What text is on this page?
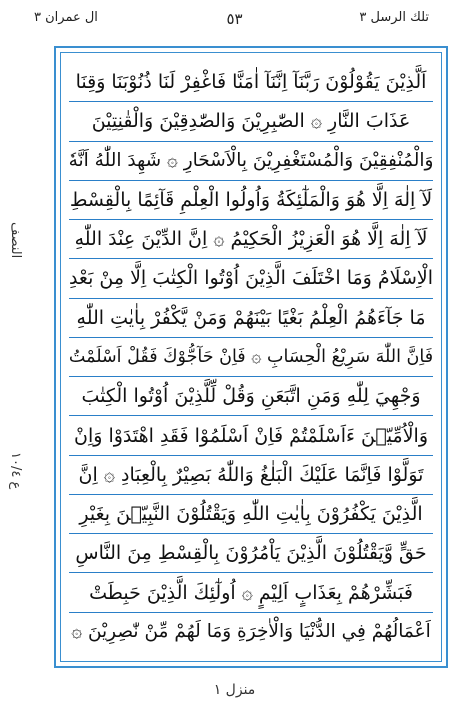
تلك الرسل ٣
٥٣
ال عمران ٣
النصف
ع ١٠/٤
اَلَّذِيْنَ يَقُوْلُوْنَ رَبَّنَآ اِنَّنَآ اٰمَنَّا فَاغْفِرْ لَنَا ذُنُوْبَنَا وَقِنَا
عَذَابَ النَّارِ ۞ الصّٰبِرِيْنَ وَالصّٰدِقِيْنَ وَالْقٰنِتِيْنَ
وَالْمُنْفِقِيْنَ وَالْمُسْتَغْفِرِيْنَ بِالْاَسْحَارِ ۞ شَهِدَ اللّٰهُ اَنَّهٗ
لَآ اِلٰهَ اِلَّا هُوَ وَالْمَلٰٓئِكَةُ وَاُولُوا الْعِلْمِ قَآئِمًا بِالْقِسْطِ
لَآ اِلٰهَ اِلَّا هُوَ الْعَزِيْزُ الْحَكِيْمُ ۞ اِنَّ الدِّيْنَ عِنْدَ اللّٰهِ
الْاِسْلَامُ وَمَا اخْتَلَفَ الَّذِيْنَ اُوْتُوا الْكِتٰبَ اِلَّا مِنْ بَعْدِ
مَا جَآءَهُمُ الْعِلْمُ بَغْيًا بَيْنَهُمْ وَمَنْ يَّكْفُرْ بِاٰيٰتِ اللّٰهِ
فَاِنَّ اللّٰهَ سَرِيْعُ الْحِسَابِ ۞ فَاِنْ حَآجُّوْكَ فَقُلْ اَسْلَمْتُ
وَجْهِيَ لِلّٰهِ وَمَنِ اتَّبَعَنِ وَقُلْ لِّلَّذِيْنَ اُوْتُوا الْكِتٰبَ
وَالْاُمِّيّٖنَ ءَاَسْلَمْتُمْ فَاِنْ اَسْلَمُوْا فَقَدِ اهْتَدَوْا وَاِنْ
تَوَلَّوْا فَاِنَّمَا عَلَيْكَ الْبَلٰغُ وَاللّٰهُ بَصِيْرٌ بِالْعِبَادِ ۞ اِنَّ
الَّذِيْنَ يَكْفُرُوْنَ بِاٰيٰتِ اللّٰهِ وَيَقْتُلُوْنَ النَّبِيّٖنَ بِغَيْرِ
حَقٍّ وَّيَقْتُلُوْنَ الَّذِيْنَ يَاْمُرُوْنَ بِالْقِسْطِ مِنَ النَّاسِ
فَبَشِّرْهُمْ بِعَذَابٍ اَلِيْمٍ ۞ اُولٰٓئِكَ الَّذِيْنَ حَبِطَتْ
اَعْمَالُهُمْ فِي الدُّنْيَا وَالْاٰخِرَةِ وَمَا لَهُمْ مِّنْ نّٰصِرِيْنَ ۞
منزل ١
